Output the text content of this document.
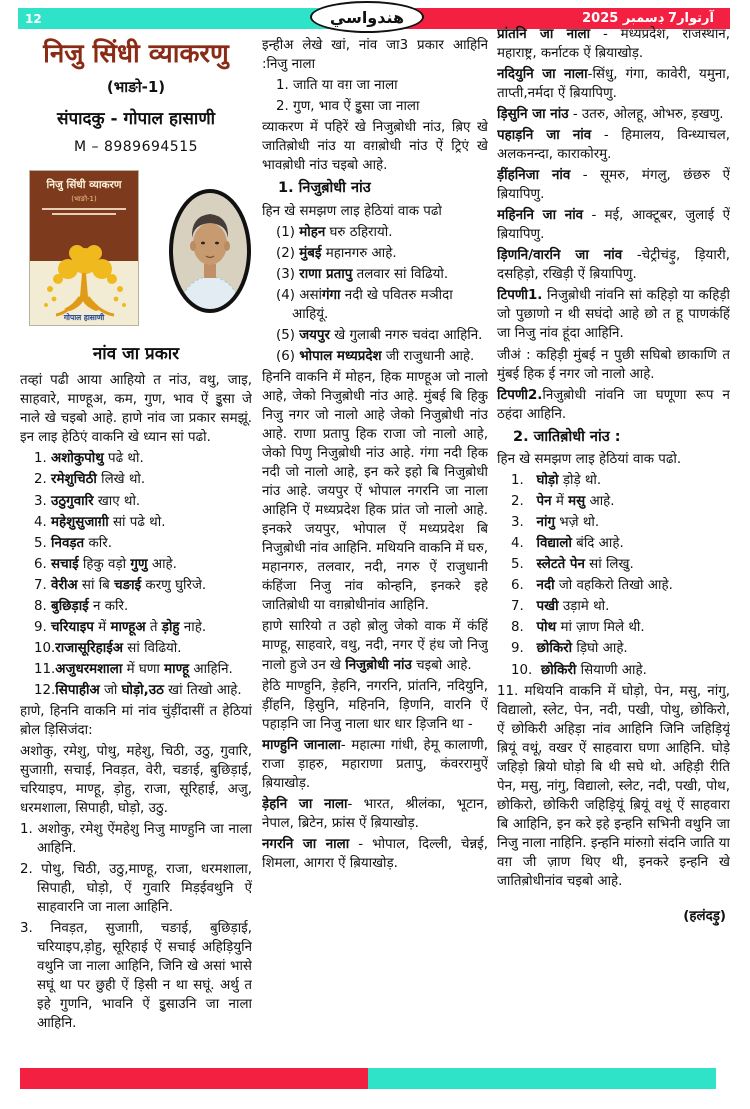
12	آرتوار7 ڊسمبر 2025
هندواسي
निजु सिंधी व्याकरणु
(भाङो-1)
संपादकु - गोपाल हासाणी
M – 8989694515
निजु सिंधी व्याकरण
(भाङो-1)
गोपाल हासाणी
नांव जा प्रकार
तव्हां पढी आया आहियो त नांउ, वथु, जाइ, साहवारे, माण्हूअ, कम, गुण, भाव ऐं इुसा जे नाले खे चइबो आहे. हाणे नांव जा प्रकार समझूं. इन लाइ हेठिएं वाकनि खे ध्यान सां पढो.
1. अशोकुपोथु पढे थो.
2. रमेशुचिठी लिखे थो.
3. उठुगुवारि खाए थो.
4. महेशुसुजाग़ी सां पढे थो.
5. निवड़त करि.
6. सचाई हिकु वड़ो गुणु आहे.
7. वेरीअ सां बि चङाई करणु घुरिजे.
8. बुछिड़ाई न करि.
9. चरियाइप में माण्हूअ ते ड़ोहु नाहे.
10.राजासूरिहाईअ सां विढियो.
11.अजुधरमशाला में घणा माण्हू आहिनि.
12.सिपाहीअ जो घोड़ो,उठ खां तिखो आहे.
हाणे, हिननि वाकनि मां नांव चुंड़ींदासीं त हेठियां ब़ोल ड़िसिजंदा:
अशोकु, रमेशु, पोथु, महेशु, चिठी, उठु, गुवारि, सुजाग़ी, सचाई, निवड़त, वेरी, चङाई, बुछिड़ाई, चरियाइप, माण्हू, ड़ोहु, राजा, सूरिहाई, अजु, धरमशाला, सिपाही, घोड़ो, उठु.
1. अशोकु, रमेशु ऐंमहेशु निजु माण्हुनि जा नाला आहिनि.
2. पोथु, चिठी, उठु,माण्हू, राजा, धरमशाला, सिपाही, घोड़ो, ऐं गुवारि मिड़ईवथुनि ऐं साहवारनि जा नाला आहिनि.
3. निवड़त, सुजाग़ी, चङाई, बुछिड़ाई, चरियाइप,ड़ोहु, सूरिहाई ऐं सचाई अहिड़ियुनि वथुनि जा नाला आहिनि, जिनि खे असां भासे सघूं था पर छुही ऐं ड़िसी न था सघूं. अर्थु त इहे गुणनि, भावनि ऐं इुसाउनि जा नाला आहिनि.
इन्हीअ लेखे खां, नांव जा3 प्रकार आहिनि :निजु नाला
1. जाति या वग़ जा नाला
2. गुण, भाव ऐं इुसा जा नाला
व्याकरण में पहिरें खे निजुब़ोधी नांउ, ब़िए खे जातिब़ोधी नांउ या वग़ब़ोधी नांउ ऐं ट्रिएं खे भावब़ोधी नांउ चइबो आहे.
1. निजुब़ोधी नांउ
हिन खे समझण लाइ हेठियां वाक पढो
(1) मोहन घरु ठहिरायो.
(2) मुंबई महानगरु आहे.
(3) राणा प्रतापु तलवार सां विढियो.
(4) असांगंगा नदी खे पवितरु मञीदा आहियूं.
(5) जयपुर खे गुलाबी नगरु चवंदा आहिनि.
(6) भोपाल मध्यप्रदेश जी राजुधानी आहे.
हिननि वाकनि में मोहन, हिक माण्हूअ जो नालो आहे, जेको निजुब़ोधी नांउ आहे. मुंबई बि हिकु निजु नगर जो नालो आहे जेको निजुब़ोधी नांउ आहे. राणा प्रतापु हिक राजा जो नालो आहे, जेको पिणु निजुब़ोधी नांउ आहे. गंगा नदी हिक नदी जो नालो आहे, इन करे इहो बि निजुब़ोधी नांउ आहे. जयपुर ऐं भोपाल नगरनि जा नाला आहिनि ऐं मध्यप्रदेश हिक प्रांत जो नालो आहे. इनकरे जयपुर, भोपाल ऐं मध्यप्रदेश बि निजुब़ोधी नांव आहिनि. मथियनि वाकनि में घरु, महानगरु, तलवार, नदी, नगरु ऐं राजुधानी कंहिंजा निजु नांव कोन्हनि, इनकरे इहे जातिब़ोधी या वग़ब़ोधीनांव आहिनि.
हाणे सारियो त उहो ब़ोलु जेको वाक में कंहिं माण्हू, साहवारे, वथु, नदी, नगर ऐं हंध जो निजु नालो हुजे उन खे निजुब़ोधी नांउ चइबो आहे.
हेठि माण्हुनि, ड़ेहनि, नगरनि, प्रांतनि, नदियुनि, ड़ींहनि, ड़िसुनि, महिननि, ड़िणनि, वारनि ऐं पहाड़नि जा निजु नाला धार धार ड़िजनि था -
माण्हुनि जानाला- महात्मा गांधी, हेमू कालाणी, राजा ड़ाहरु, महाराणा प्रतापु, कंवररामुऐं ब़ियाखोड़.
ड़ेहनि जा नाला- भारत, श्रीलंका, भूटान, नेपाल, ब्रिटेन, फ्रांस ऐं ब़ियाखोड़.
नगरनि जा नाला - भोपाल, दिल्ली, चेन्नई, शिमला, आगरा ऐं ब़ियाखोड़.
प्रांतनि जा नाला - मध्यप्रदेश, राजस्थान, महाराष्ट्र, कर्नाटक ऐं ब़ियाखोड़.
नदियुनि जा नाला-सिंधु, गंगा, कावेरी, यमुना, ताप्ती,नर्मदा ऐं ब़ियापिणु.
ड़िसुनि जा नांउ - उतरु, ओलहू, ओभरु, ड़खणु.
पहाड़नि जा नांव - हिमालय, विन्ध्याचल, अलकनन्दा, काराकोरमु.
ड़ींहनिजा नांव - सूमरु, मंगलु, छंछरु ऐं ब़ियापिणु.
महिननि जा नांव - मई, आक्टूबर, जुलाई ऐं ब़ियापिणु.
ड़िणनि/वारनि जा नांव -चेट्रीचंड़ु, ड़ियारी, दसहिड़ो, रखिड़ी ऐं ब़ियापिणु.
टिपणी1. निजुब़ोधी नांवनि सां कहिड़ो या कहिड़ी जो पुछाणो न थी सघंदो आहे छो त हू पाणकंहिं जा निजु नांव हूंदा आहिनि.
जीअं : कहिड़ी मुंबई न पुछी सघिबो छाकाणि त मुंबई हिक ई नगर जो नालो आहे.
टिपणी2.निजुब़ोधी नांवनि जा घणूणा रूप न ठहंदा आहिनि.
2. जातिब़ोधी नांउ :
हिन खे समझण लाइ हेठियां वाक पढो.
1.   घोड़ो ड़ोड़े थो.
2.   पेन में मसु आहे.
3.   नांगु भज़े थो.
4.   विद्यालो बंदि आहे.
5.   स्लेटते पेन सां लिखु.
6.   नदी जो वहकिरो तिखो आहे.
7.   पखी उड़ामे थो.
8.   पोथ मां ज़ाण मिले थी.
9.   छोकिरो ड़िघो आहे.
10.  छोकिरी सियाणी आहे.
11. मथियनि वाकनि में घोड़ो, पेन, मसु, नांगु, विद्यालो, स्लेट, पेन, नदी, पखी, पोथु, छोकिरो, ऐं छोकिरी अहिड़ा नांव आहिनि जिनि जहिड़ियूं ब़ियूं वथूं, वखर ऐं साहवारा घणा आहिनि. घोड़े जहिड़ो ब़ियो घोड़ो बि थी सघे थो. अहिड़ी रीति पेन, मसु, नांगु, विद्यालो, स्लेट, नदी, पखी, पोथ, छोकिरो, छोकिरी जहिड़ियूं ब़ियूं वथूं ऐं साहवारा बि आहिनि, इन करे इहे इन्हनि सभिनी वथुनि जा निजु नाला नाहिनि. इन्हनि मांरुग़ो संदनि जाति या वग़ जी ज़ाण थिए थी, इनकरे इन्हनि खे जातिब़ोधीनांव चइबो आहे.
(हलंदड़ु)
